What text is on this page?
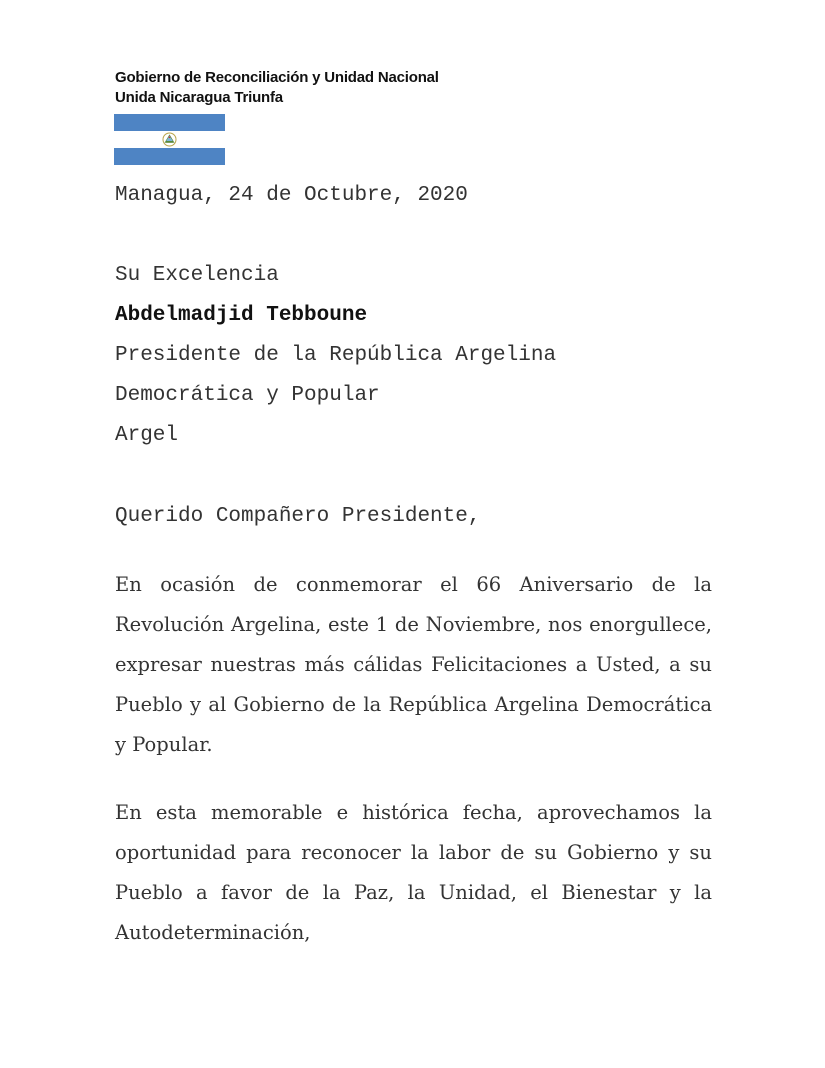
Gobierno de Reconciliación y Unidad Nacional
Unida Nicaragua Triunfa
Managua, 24 de Octubre, 2020
Su Excelencia
Abdelmadjid Tebboune
Presidente de la República Argelina
Democrática y Popular
Argel
Querido Compañero Presidente,

En ocasión de conmemorar el 66 Aniversario de la Revolución Argelina, este 1 de Noviembre, nos enorgullece, expresar nuestras más cálidas Felicitaciones a Usted, a su Pueblo y al Gobierno de la República Argelina Democrática y Popular.

En esta memorable e histórica fecha, aprovechamos la oportunidad para reconocer la labor de su Gobierno y su Pueblo a favor de la Paz, la Unidad, el Bienestar y la Autodeterminación,
